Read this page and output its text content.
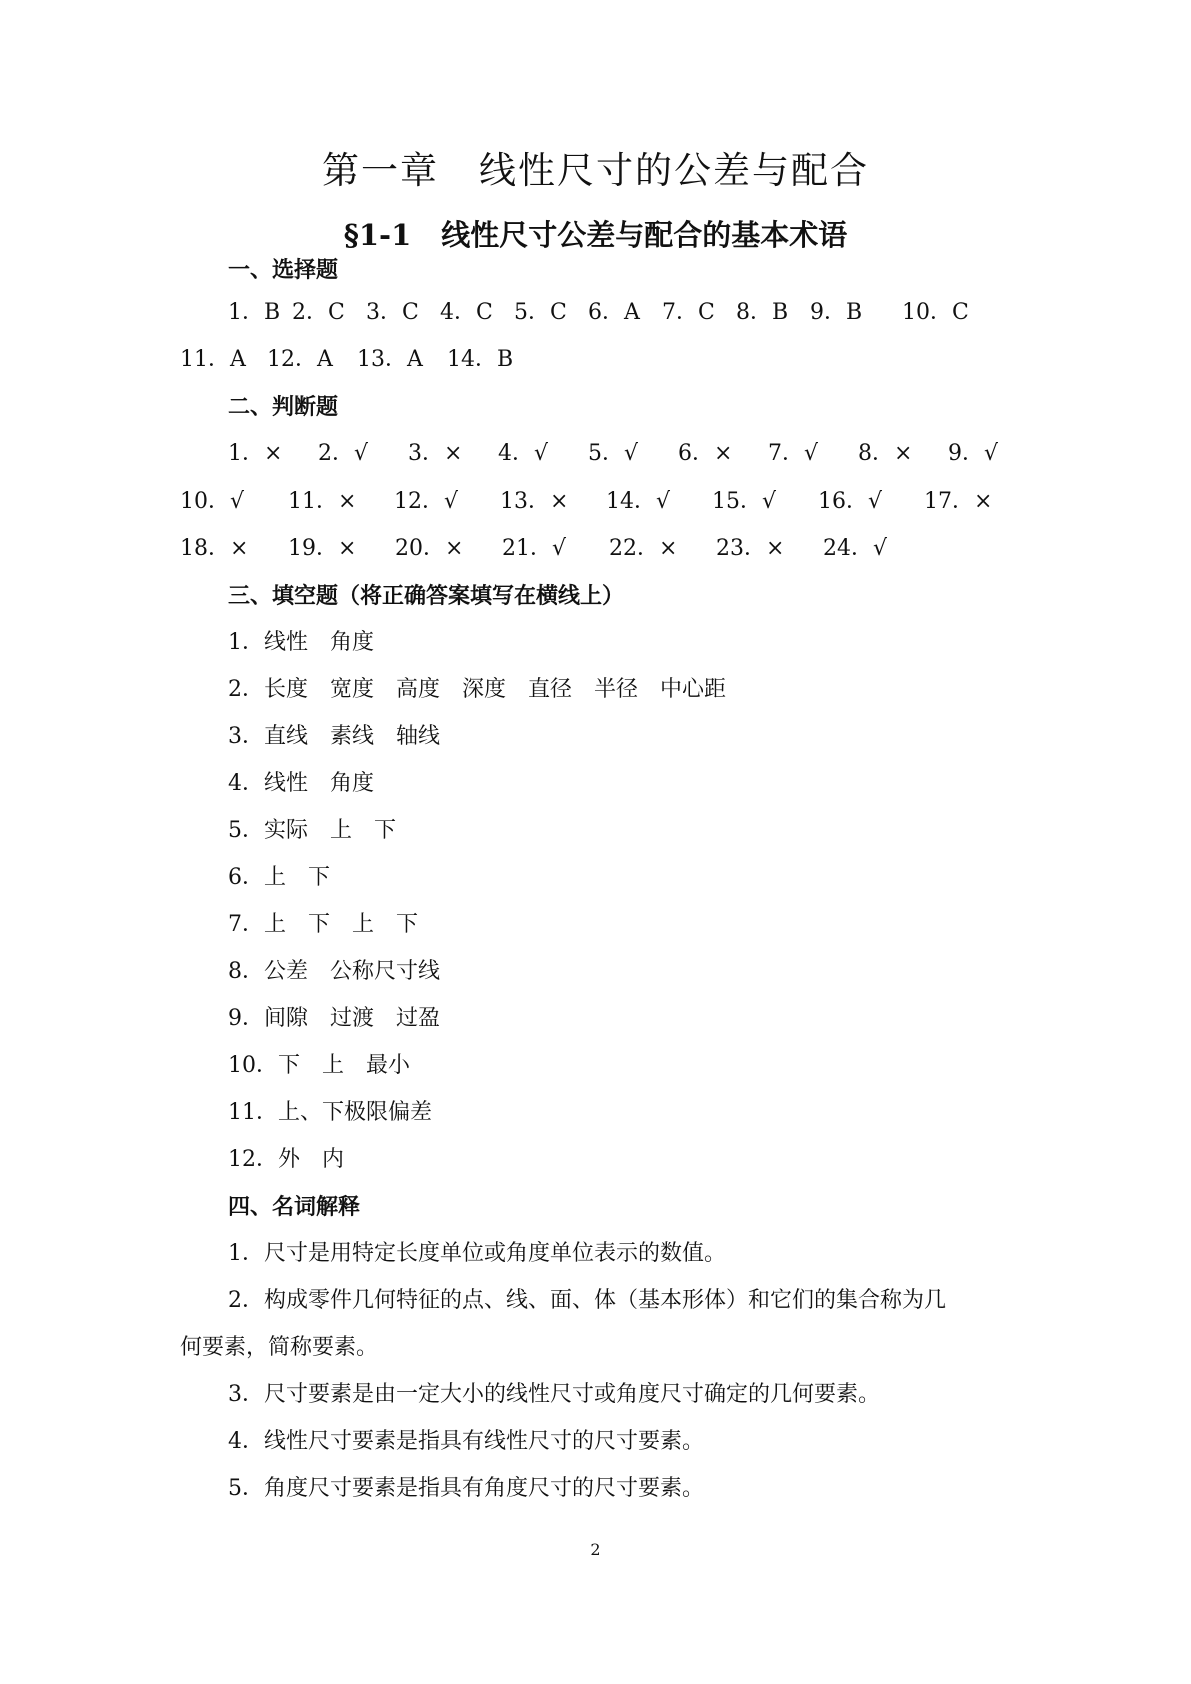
第一章 线性尺寸的公差与配合
§1-1 线性尺寸公差与配合的基本术语

一、选择题

1．B 2．C 3．C 4．C 5．C 6．A 7．C 8．B 9．B 10．C

11．A 12．A 13．A 14．B

二、判断题

1．× 2．√ 3．× 4．√ 5．√ 6．× 7．√ 8．× 9．√

10．√ 11．× 12．√ 13．× 14．√ 15．√ 16．√ 17．×

18．× 19．× 20．× 21．√ 22．× 23．× 24．√

三、填空题（将正确答案填写在横线上）

1．线性　角度

2．长度　宽度　高度　深度　直径　半径　中心距

3．直线　素线　轴线

4．线性　角度

5．实际　上　下

6．上　下

7．上　下　上　下

8．公差　公称尺寸线

9．间隙　过渡　过盈

10．下　上　最小

11．上、下极限偏差

12．外　内

四、名词解释

1．尺寸是用特定长度单位或角度单位表示的数值。

2．构成零件几何特征的点、线、面、体（基本形体）和它们的集合称为几

何要素，简称要素。

3．尺寸要素是由一定大小的线性尺寸或角度尺寸确定的几何要素。

4．线性尺寸要素是指具有线性尺寸的尺寸要素。

5．角度尺寸要素是指具有角度尺寸的尺寸要素。

2
